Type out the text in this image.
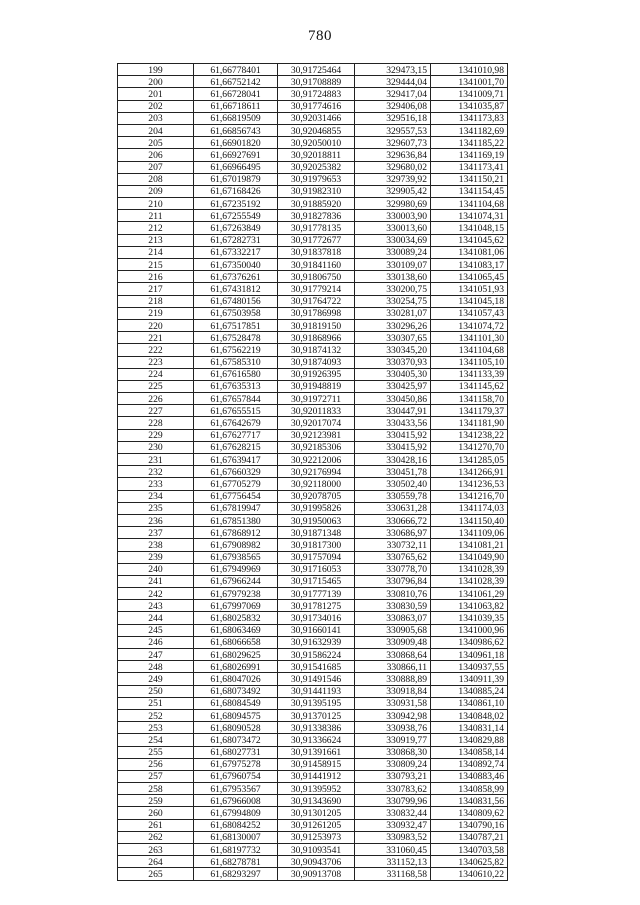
780
199	61,66778401	30,91725464	329473,15	1341010,98
200	61,66752142	30,91708889	329444,04	1341001,70
201	61,66728041	30,91724883	329417,04	1341009,71
202	61,66718611	30,91774616	329406,08	1341035,87
203	61,66819509	30,92031466	329516,18	1341173,83
204	61,66856743	30,92046855	329557,53	1341182,69
205	61,66901820	30,92050010	329607,73	1341185,22
206	61,66927691	30,92018811	329636,84	1341169,19
207	61,66966495	30,92025382	329680,02	1341173,41
208	61,67019879	30,91979653	329739,92	1341150,21
209	61,67168426	30,91982310	329905,42	1341154,45
210	61,67235192	30,91885920	329980,69	1341104,68
211	61,67255549	30,91827836	330003,90	1341074,31
212	61,67263849	30,91778135	330013,60	1341048,15
213	61,67282731	30,91772677	330034,69	1341045,62
214	61,67332217	30,91837818	330089,24	1341081,06
215	61,67350040	30,91841160	330109,07	1341083,17
216	61,67376261	30,91806750	330138,60	1341065,45
217	61,67431812	30,91779214	330200,75	1341051,93
218	61,67480156	30,91764722	330254,75	1341045,18
219	61,67503958	30,91786998	330281,07	1341057,43
220	61,67517851	30,91819150	330296,26	1341074,72
221	61,67528478	30,91868966	330307,65	1341101,30
222	61,67562219	30,91874132	330345,20	1341104,68
223	61,67585310	30,91874093	330370,93	1341105,10
224	61,67616580	30,91926395	330405,30	1341133,39
225	61,67635313	30,91948819	330425,97	1341145,62
226	61,67657844	30,91972711	330450,86	1341158,70
227	61,67655515	30,92011833	330447,91	1341179,37
228	61,67642679	30,92017074	330433,56	1341181,90
229	61,67627717	30,92123981	330415,92	1341238,22
230	61,67628215	30,92185306	330415,92	1341270,70
231	61,67639417	30,92212006	330428,16	1341285,05
232	61,67660329	30,92176994	330451,78	1341266,91
233	61,67705279	30,92118000	330502,40	1341236,53
234	61,67756454	30,92078705	330559,78	1341216,70
235	61,67819947	30,91995826	330631,28	1341174,03
236	61,67851380	30,91950063	330666,72	1341150,40
237	61,67868912	30,91871348	330686,97	1341109,06
238	61,67908982	30,91817300	330732,11	1341081,21
239	61,67938565	30,91757094	330765,62	1341049,90
240	61,67949969	30,91716053	330778,70	1341028,39
241	61,67966244	30,91715465	330796,84	1341028,39
242	61,67979238	30,91777139	330810,76	1341061,29
243	61,67997069	30,91781275	330830,59	1341063,82
244	61,68025832	30,91734016	330863,07	1341039,35
245	61,68063469	30,91660141	330905,68	1341000,96
246	61,68066658	30,91632939	330909,48	1340986,62
247	61,68029625	30,91586224	330868,64	1340961,18
248	61,68026991	30,91541685	330866,11	1340937,55
249	61,68047026	30,91491546	330888,89	1340911,39
250	61,68073492	30,91441193	330918,84	1340885,24
251	61,68084549	30,91395195	330931,58	1340861,10
252	61,68094575	30,91370125	330942,98	1340848,02
253	61,68090528	30,91338386	330938,76	1340831,14
254	61,68073472	30,91336624	330919,77	1340829,88
255	61,68027731	30,91391661	330868,30	1340858,14
256	61,67975278	30,91458915	330809,24	1340892,74
257	61,67960754	30,91441912	330793,21	1340883,46
258	61,67953567	30,91395952	330783,62	1340858,99
259	61,67966008	30,91343690	330799,96	1340831,56
260	61,67994809	30,91301205	330832,44	1340809,62
261	61,68084252	30,91261205	330932,47	1340790,16
262	61,68130007	30,91253973	330983,52	1340787,21
263	61,68197732	30,91093541	331060,45	1340703,58
264	61,68278781	30,90943706	331152,13	1340625,82
265	61,68293297	30,90913708	331168,58	1340610,22
